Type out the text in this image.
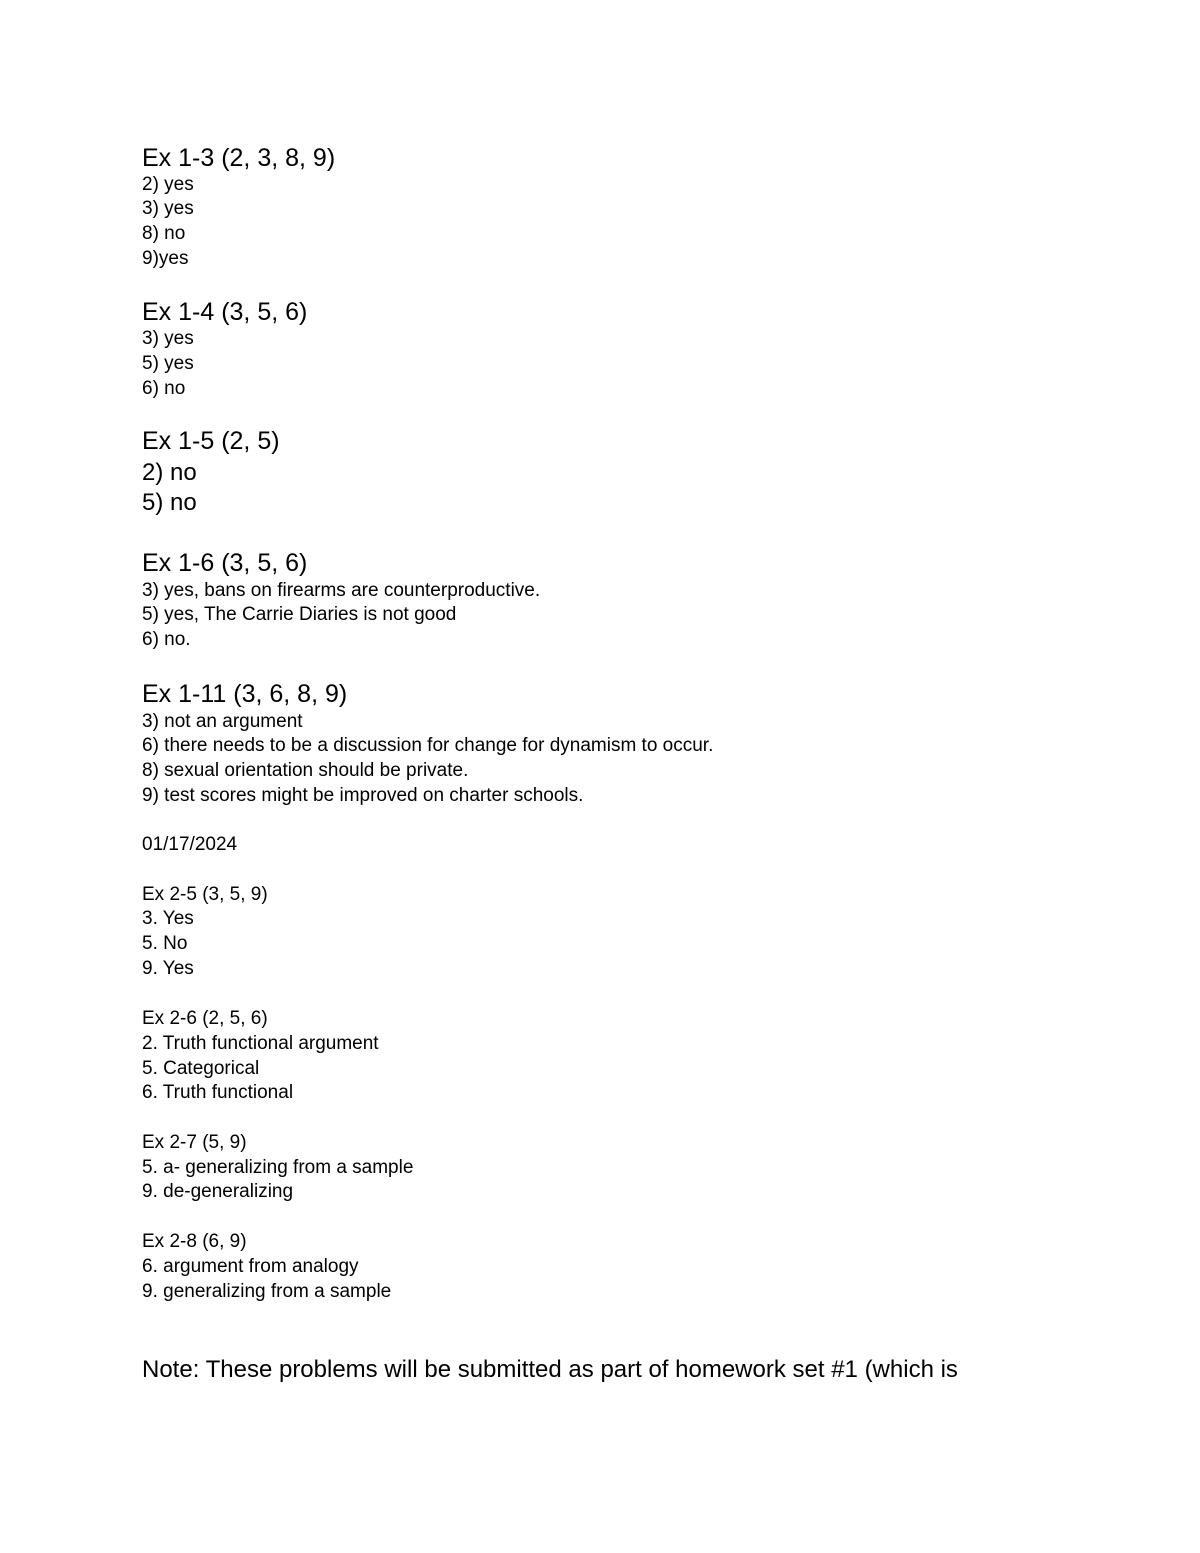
Ex 1-3 (2, 3, 8, 9)
2) yes
3) yes
8) no
9)yes
Ex 1-4 (3, 5, 6)
3) yes
5) yes
6) no
Ex 1-5 (2, 5)
2) no
5) no
Ex 1-6 (3, 5, 6)
3) yes, bans on firearms are counterproductive.
5) yes, The Carrie Diaries is not good
6) no.
Ex 1-11 (3, 6, 8, 9)
3) not an argument
6) there needs to be a discussion for change for dynamism to occur.
8) sexual orientation should be private.
9) test scores might be improved on charter schools.
01/17/2024
Ex 2-5 (3, 5, 9)
3. Yes
5. No
9. Yes
Ex 2-6 (2, 5, 6)
2. Truth functional argument
5. Categorical
6. Truth functional
Ex 2-7 (5, 9)
5. a- generalizing from a sample
9. de-generalizing
Ex 2-8 (6, 9)
6. argument from analogy
9. generalizing from a sample
Note: These problems will be submitted as part of homework set #1 (which is
